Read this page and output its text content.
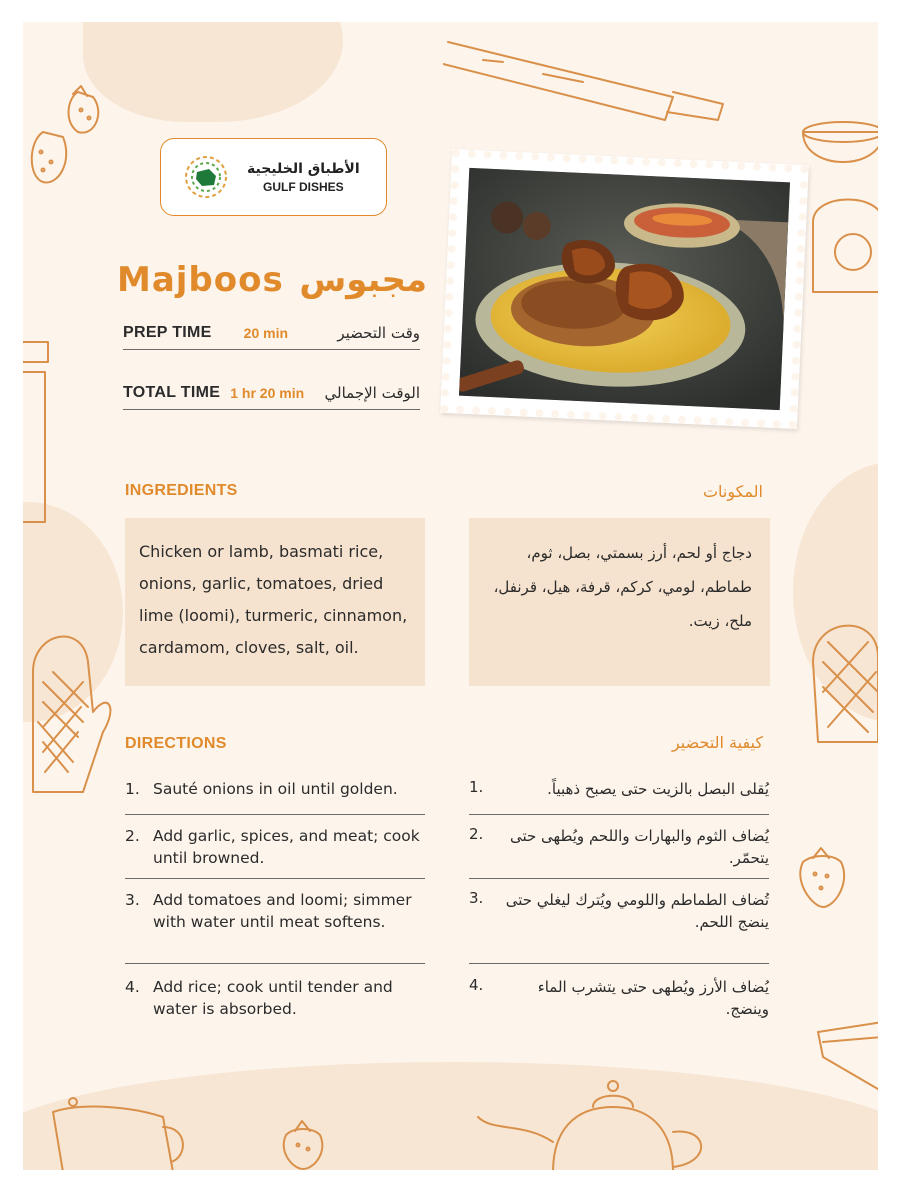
الأطباق الخليجية
GULF DISHES
Majboos مجبوس
PREP TIME 20 min	وقت التحضير
TOTAL TIME 1 hr 20 min الوقت الإجمالي
INGREDIENTS	المكونات
Chicken or lamb, basmati rice, onions, garlic, tomatoes, dried lime (loomi), turmeric, cinnamon, cardamom, cloves, salt, oil.
دجاج أو لحم، أرز بسمتي، بصل، ثوم، طماطم، لومي، كركم، قرفة، هيل، قرنفل، ملح، زيت.
DIRECTIONS	كيفية التحضير
1. Sauté onions in oil until golden.
2. Add garlic, spices, and meat; cook until browned.
3. Add tomatoes and loomi; simmer with water until meat softens.
4. Add rice; cook until tender and water is absorbed.
.1	يُقلى البصل بالزيت حتى يصبح ذهبياً.
.2	يُضاف الثوم والبهارات واللحم ويُطهى حتى يتحمّر.
.3	تُضاف الطماطم واللومي ويُترك ليغلي حتى ينضج اللحم.
.4	يُضاف الأرز ويُطهى حتى يتشرب الماء وينضج.
